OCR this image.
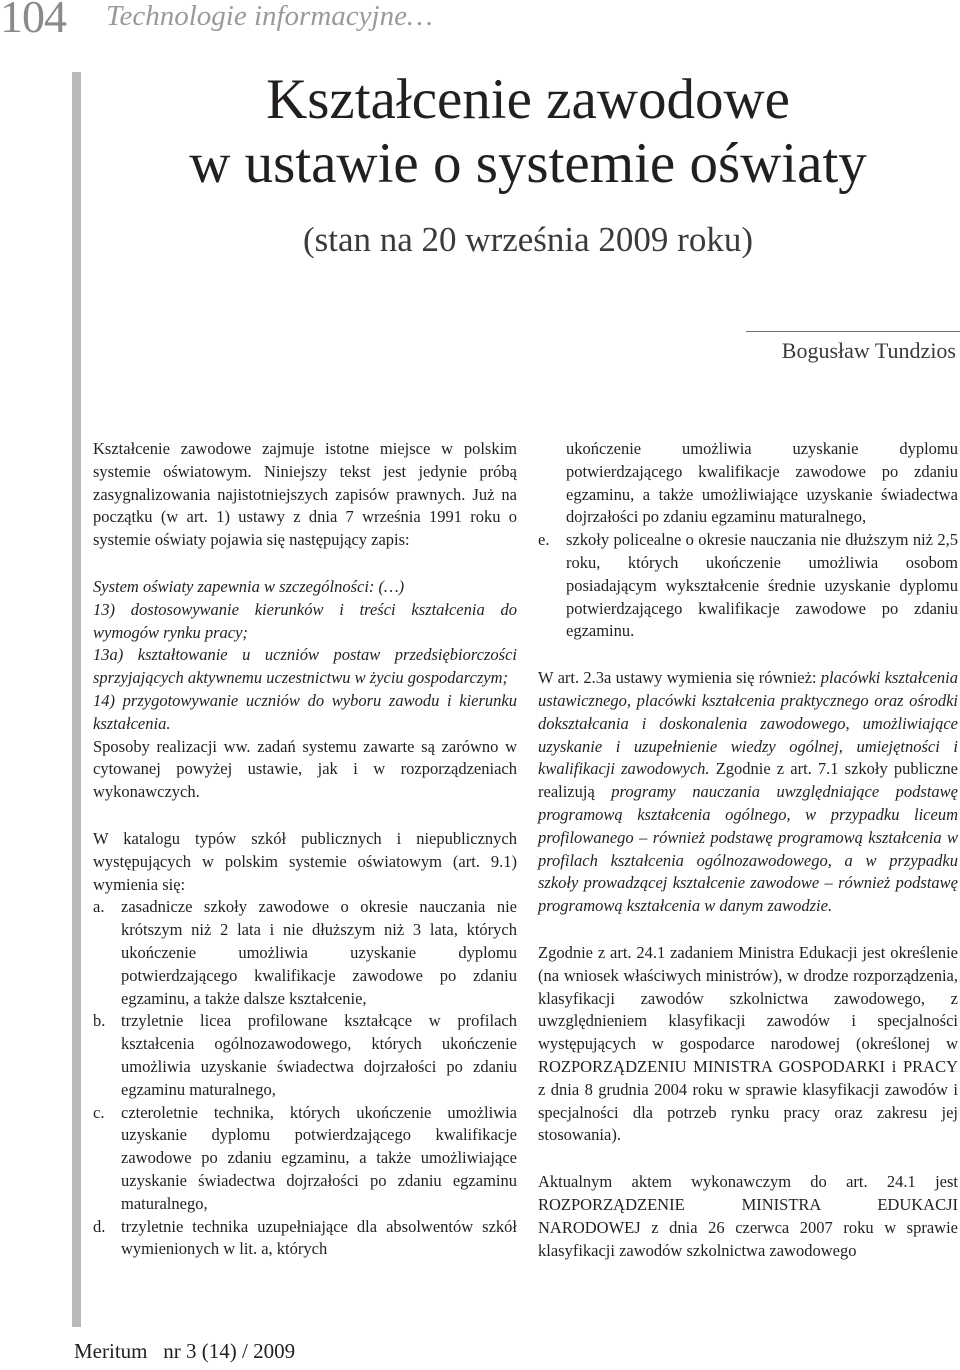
104 Technologie informacyjne…
Kształcenie zawodowe
w ustawie o systemie oświaty
(stan na 20 września 2009 roku)
Bogusław Tundzios

Kształcenie zawodowe zajmuje istotne miejsce w polskim systemie oświatowym. Niniejszy tekst jest jedynie próbą zasygnalizowania najistotniejszych zapisów prawnych. Już na początku (w art. 1) ustawy z dnia 7 września 1991 roku o systemie oświaty pojawia się następujący zapis:

System oświaty zapewnia w szczególności: (…)

13) dostosowywanie kierunków i treści kształcenia do wymogów rynku pracy;

13a) kształtowanie u uczniów postaw przedsiębiorczości sprzyjających aktywnemu uczestnictwu w życiu gospodarczym;

14) przygotowywanie uczniów do wyboru zawodu i kierunku kształcenia.

Sposoby realizacji ww. zadań systemu zawarte są zarówno w cytowanej powyżej ustawie, jak i w rozporządzeniach wykonawczych.

W katalogu typów szkół publicznych i niepublicznych występujących w polskim systemie oświatowym (art. 9.1) wymienia się:

a.	zasadnicze szkoły zawodowe o okresie nauczania nie krótszym niż 2 lata i nie dłuższym niż 3 lata, których ukończenie umożliwia uzyskanie dyplomu potwierdzającego kwalifikacje zawodowe po zdaniu egzaminu, a także dalsze kształcenie,
b. trzyletnie licea profilowane kształcące w profilach kształcenia ogólnozawodowego, których ukończenie umożliwia uzyskanie świadectwa dojrzałości po zdaniu egzaminu maturalnego,
c.	czteroletnie technika, których ukończenie umożliwia uzyskanie dyplomu potwierdzającego kwalifikacje zawodowe po zdaniu egzaminu, a także umożliwiające uzyskanie świadectwa dojrzałości po zdaniu egzaminu maturalnego,
d. trzyletnie technika uzupełniające dla absolwentów szkół wymienionych w lit. a, których
ukończenie umożliwia uzyskanie dyplomu potwierdzającego kwalifikacje zawodowe po zdaniu egzaminu, a także umożliwiające uzyskanie świadectwa dojrzałości po zdaniu egzaminu maturalnego,
e.	szkoły policealne o okresie nauczania nie dłuższym niż 2,5 roku, których ukończenie umożliwia osobom posiadającym wykształcenie średnie uzyskanie dyplomu potwierdzającego kwalifikacje zawodowe po zdaniu egzaminu.

W art. 2.3a ustawy wymienia się również: placówki kształcenia ustawicznego, placówki kształcenia praktycznego oraz ośrodki dokształcania i doskonalenia zawodowego, umożliwiające uzyskanie i uzupełnienie wiedzy ogólnej, umiejętności i kwalifikacji zawodowych. Zgodnie z art. 7.1 szkoły publiczne realizują programy nauczania uwzględniające podstawę programową kształcenia ogólnego, w przypadku liceum profilowanego – również podstawę programową kształcenia w profilach kształcenia ogólnozawodowego, a w przypadku szkoły prowadzącej kształcenie zawodowe – również podstawę programową kształcenia w danym zawodzie.

Zgodnie z art. 24.1 zadaniem Ministra Edukacji jest określenie (na wniosek właściwych ministrów), w drodze rozporządzenia, klasyfikacji zawodów szkolnictwa zawodowego, z uwzględnieniem klasyfikacji zawodów i specjalności występujących w gospodarce narodowej (określonej w ROZPORZĄDZENIU MINISTRA GOSPODARKI i PRACY z dnia 8 grudnia 2004 roku w sprawie klasyfikacji zawodów i specjalności dla potrzeb rynku pracy oraz zakresu jej stosowania).

Aktualnym aktem wykonawczym do art. 24.1 jest ROZPORZĄDZENIE MINISTRA EDUKACJI NARODOWEJ z dnia 26 czerwca 2007 roku w sprawie klasyfikacji zawodów szkolnictwa zawodowego

Meritum nr 3 (14) / 2009
